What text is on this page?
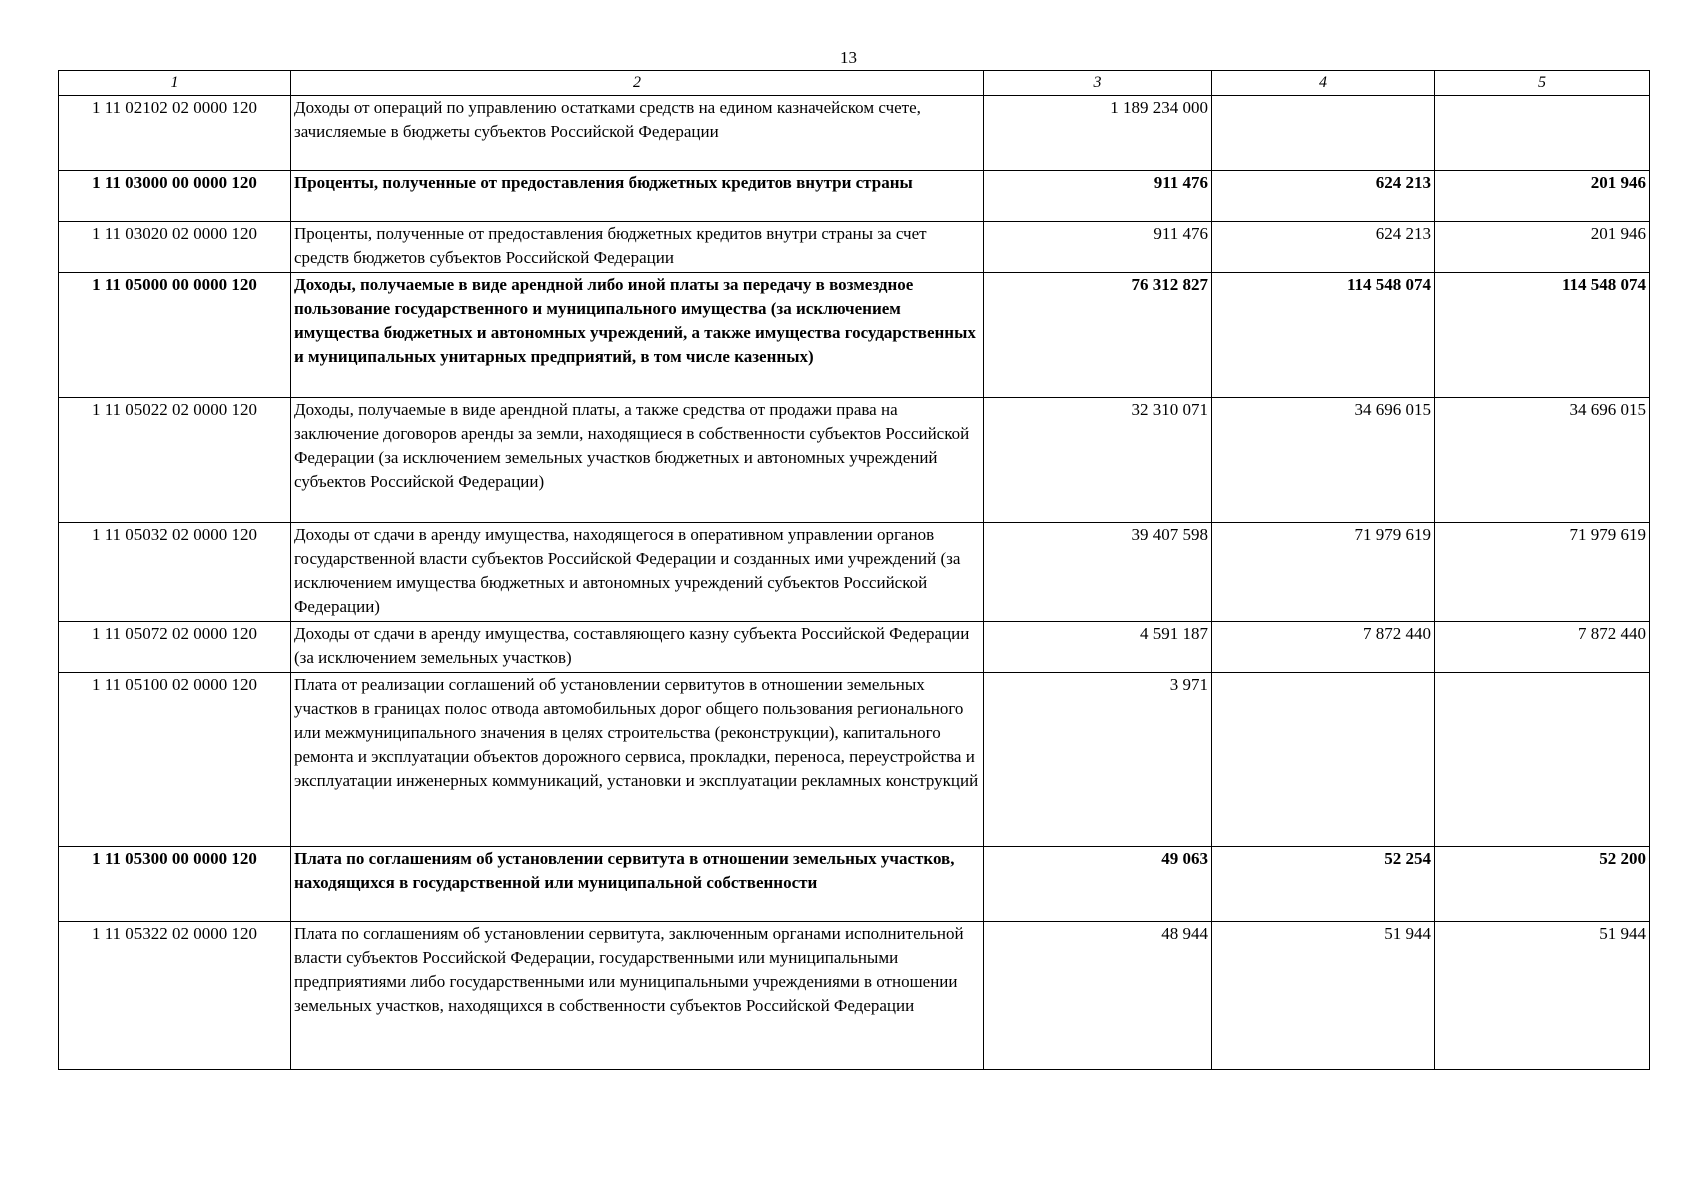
13
1	2	3	4	5
1 11 02102 02 0000 120	Доходы от операций по управлению остатками средств на едином казначейском счете, зачисляемые в бюджеты субъектов Российской Федерации	1 189 234 000		
1 11 03000 00 0000 120	Проценты, полученные от предоставления бюджетных кредитов внутри страны	911 476	624 213	201 946
1 11 03020 02 0000 120	Проценты, полученные от предоставления бюджетных кредитов внутри страны за счет средств бюджетов субъектов Российской Федерации	911 476	624 213	201 946
1 11 05000 00 0000 120	Доходы, получаемые в виде арендной либо иной платы за передачу в возмездное пользование государственного и муниципального имущества (за исключением имущества бюджетных и автономных учреждений, а также имущества государственных и муниципальных унитарных предприятий, в том числе казенных)	76 312 827	114 548 074	114 548 074
1 11 05022 02 0000 120	Доходы, получаемые в виде арендной платы, а также средства от продажи права на заключение договоров аренды за земли, находящиеся в собственности субъектов Российской Федерации (за исключением земельных участков бюджетных и автономных учреждений субъектов Российской Федерации)	32 310 071	34 696 015	34 696 015
1 11 05032 02 0000 120	Доходы от сдачи в аренду имущества, находящегося в оперативном управлении органов государственной власти субъектов Российской Федерации и созданных ими учреждений (за исключением имущества бюджетных и автономных учреждений субъектов Российской Федерации)	39 407 598	71 979 619	71 979 619
1 11 05072 02 0000 120	Доходы от сдачи в аренду имущества, составляющего казну субъекта Российской Федерации (за исключением земельных участков)	4 591 187	7 872 440	7 872 440
1 11 05100 02 0000 120	Плата от реализации соглашений об установлении сервитутов в отношении земельных участков в границах полос отвода автомобильных дорог общего пользования регионального или межмуниципального значения в целях строительства (реконструкции), капитального ремонта и эксплуатации объектов дорожного сервиса, прокладки, переноса, переустройства и эксплуатации инженерных коммуникаций, установки и эксплуатации рекламных конструкций	3 971		
1 11 05300 00 0000 120	Плата по соглашениям об установлении сервитута в отношении земельных участков, находящихся в государственной или муниципальной собственности	49 063	52 254	52 200
1 11 05322 02 0000 120	Плата по соглашениям об установлении сервитута, заключенным органами исполнительной власти субъектов Российской Федерации, государственными или муниципальными предприятиями либо государственными или муниципальными учреждениями в отношении земельных участков, находящихся в собственности субъектов Российской Федерации	48 944	51 944	51 944
